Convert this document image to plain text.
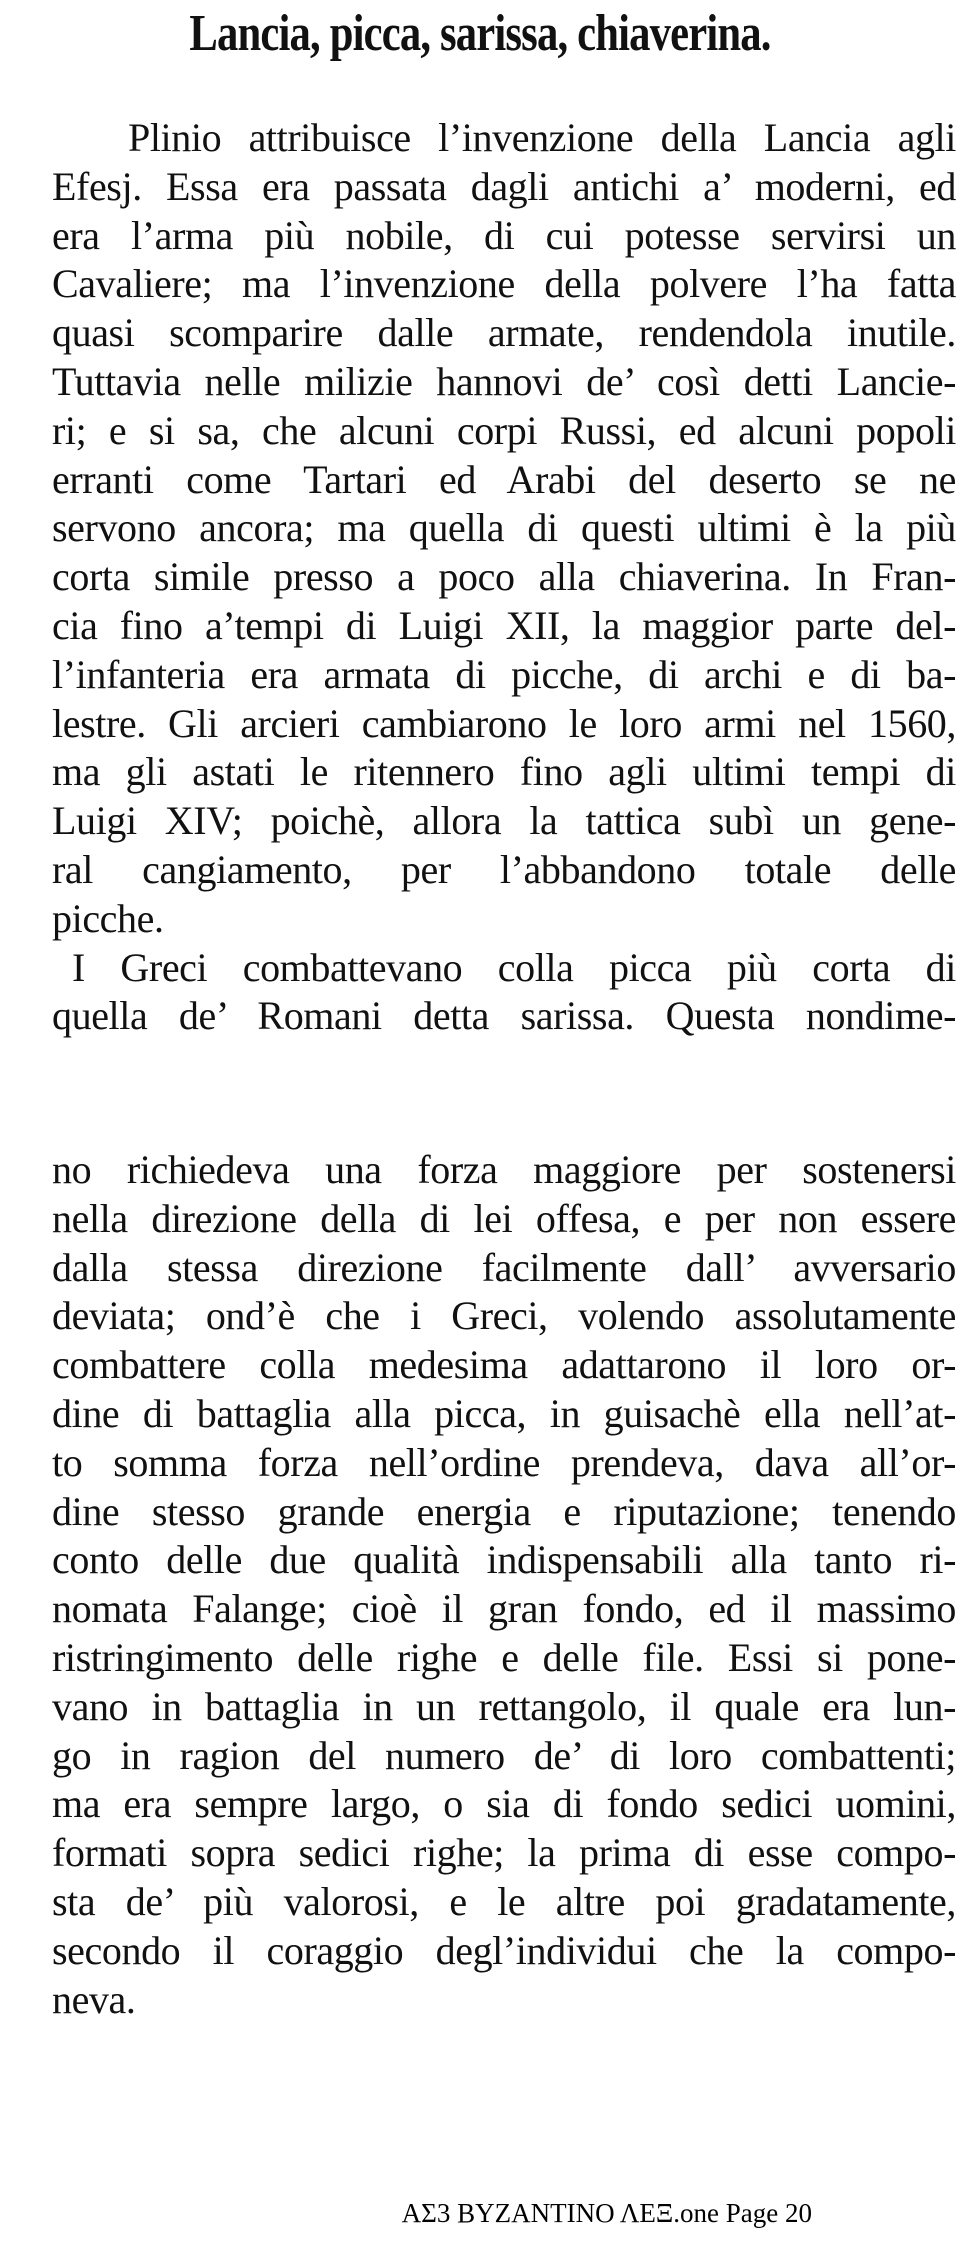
Lancia, picca, sarissa, chiaverina.
Plinio attribuisce l’invenzione della Lancia agli
Efesj. Essa era passata dagli antichi a’ moderni, ed
era l’arma più nobile, di cui potesse servirsi un
Cavaliere; ma l’invenzione della polvere l’ha fatta
quasi scomparire dalle armate, rendendola inutile.
Tuttavia nelle milizie hannovi de’ così detti Lancie-
ri; e si sa, che alcuni corpi Russi, ed alcuni popoli
erranti come Tartari ed Arabi del deserto se ne
servono ancora; ma quella di questi ultimi è la più
corta simile presso a poco alla chiaverina. In Fran-
cia fino a’tempi di Luigi XII, la maggior parte del-
l’infanteria era armata di picche, di archi e di ba-
lestre. Gli arcieri cambiarono le loro armi nel 1560,
ma gli astati le ritennero fino agli ultimi tempi di
Luigi XIV; poichè, allora la tattica subì un gene-
ral cangiamento, per l’abbandono totale delle
picche.
I Greci combattevano colla picca più corta di
quella de’ Romani detta sarissa. Questa nondime-
no richiedeva una forza maggiore per sostenersi
nella direzione della di lei offesa, e per non essere
dalla stessa direzione facilmente dall’ avversario
deviata; ond’è che i Greci, volendo assolutamente
combattere colla medesima adattarono il loro or-
dine di battaglia alla picca, in guisachè ella nell’at-
to somma forza nell’ordine prendeva, dava all’or-
dine stesso grande energia e riputazione; tenendo
conto delle due qualità indispensabili alla tanto ri-
nomata Falange; cioè il gran fondo, ed il massimo
ristringimento delle righe e delle file. Essi si pone-
vano in battaglia in un rettangolo, il quale era lun-
go in ragion del numero de’ di loro combattenti;
ma era sempre largo, o sia di fondo sedici uomini,
formati sopra sedici righe; la prima di esse compo-
sta de’ più valorosi, e le altre poi gradatamente,
secondo il coraggio degl’individui che la compo-
neva.
ΑΣ3 ΒΥΖΑΝΤΙΝΟ ΛΕΞ.one Page 20
